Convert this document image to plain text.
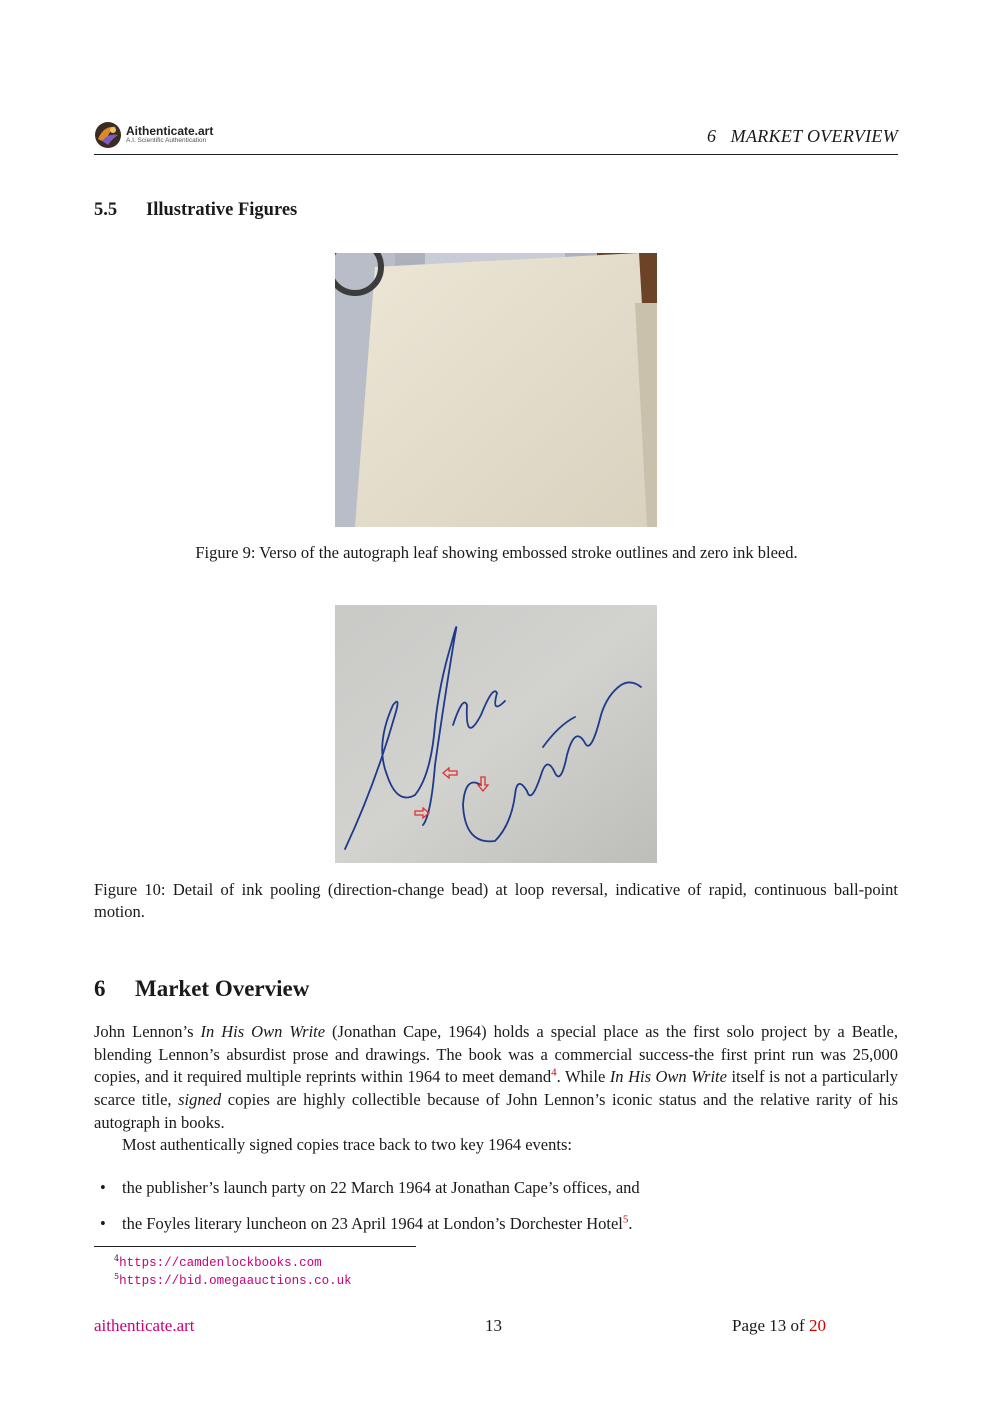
Aithenticate.art
A.I. Scientific Authentication	6   MARKET OVERVIEW
5.5 Illustrative Figures
Figure 9: Verso of the autograph leaf showing embossed stroke outlines and zero ink bleed.
Figure 10: Detail of ink pooling (direction-change bead) at loop reversal, indicative of rapid, continuous ball-point motion.
6 Market Overview
John Lennon’s In His Own Write (Jonathan Cape, 1964) holds a special place as the first solo project by a Beatle, blending Lennon’s absurdist prose and drawings. The book was a commercial success-the first print run was 25,000 copies, and it required multiple reprints within 1964 to meet demand$^4$. While In His Own Write itself is not a particularly scarce title, signed copies are highly collectible because of John Lennon’s iconic status and the relative rarity of his autograph in books.
Most authentically signed copies trace back to two key 1964 events:
• the publisher’s launch party on 22 March 1964 at Jonathan Cape’s offices, and
• the Foyles literary luncheon on 23 April 1964 at London’s Dorchester Hotel$^5$.
$^4$https://camdenlockbooks.com
$^5$https://bid.omegaauctions.co.uk
aithenticate.art	13	Page 13 of 20
